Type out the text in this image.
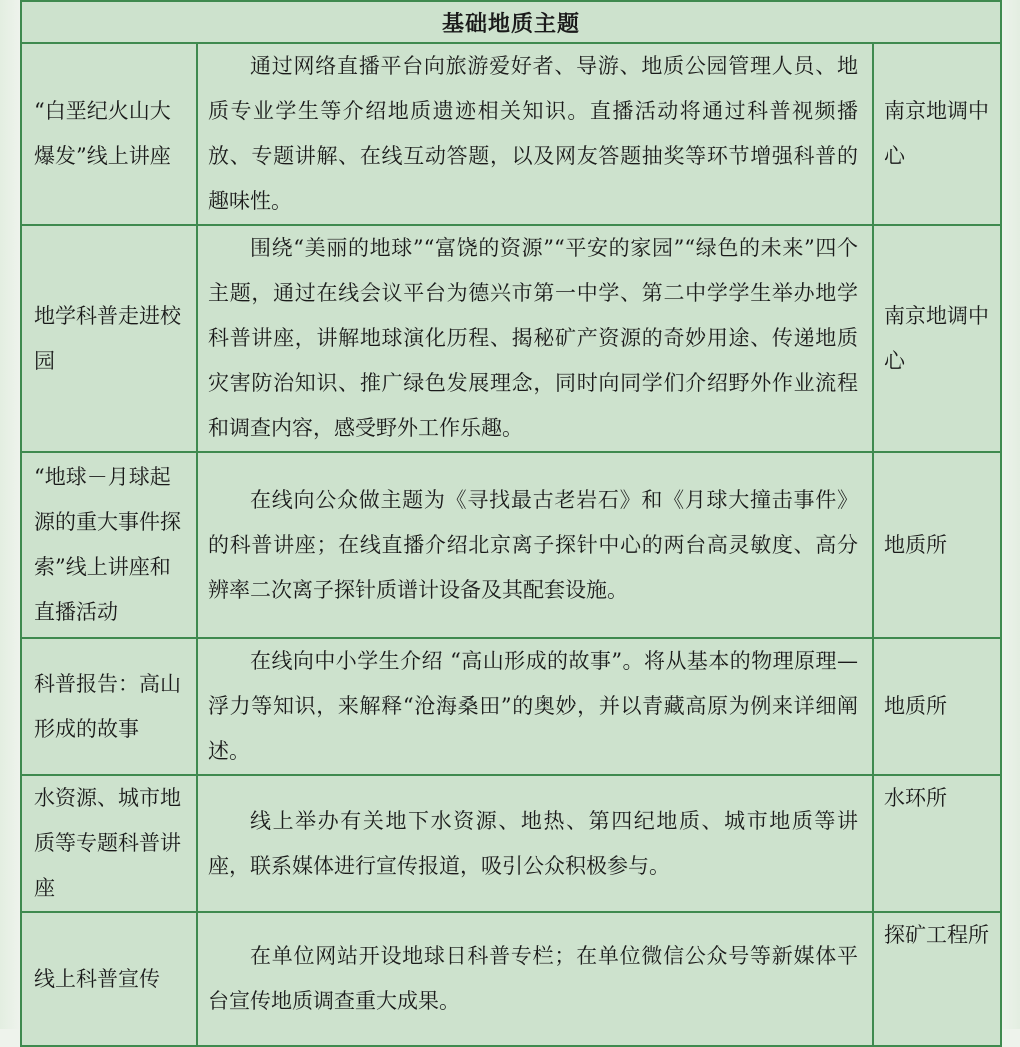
基础地质主题		
“白垩纪火山大爆发”线上讲座	通过网络直播平台向旅游爱好者、导游、地质公园管理人员、地质专业学生等介绍地质遗迹相关知识。直播活动将通过科普视频播放、专题讲解、在线互动答题，以及网友答题抽奖等环节增强科普的趣味性。	南京地调中心
地学科普走进校园	围绕“美丽的地球”“富饶的资源”“平安的家园”“绿色的未来”四个主题，通过在线会议平台为德兴市第一中学、第二中学学生举办地学科普讲座，讲解地球演化历程、揭秘矿产资源的奇妙用途、传递地质灾害防治知识、推广绿色发展理念，同时向同学们介绍野外作业流程和调查内容，感受野外工作乐趣。	南京地调中心
“地球－月球起源的重大事件探索”线上讲座和直播活动	在线向公众做主题为《寻找最古老岩石》和《月球大撞击事件》的科普讲座；在线直播介绍北京离子探针中心的两台高灵敏度、高分辨率二次离子探针质谱计设备及其配套设施。	地质所
科普报告：高山形成的故事	在线向中小学生介绍 “高山形成的故事”。将从基本的物理原理—浮力等知识，来解释“沧海桑田”的奥妙，并以青藏高原为例来详细阐述。	地质所
水资源、城市地质等专题科普讲座	线上举办有关地下水资源、地热、第四纪地质、城市地质等讲座，联系媒体进行宣传报道，吸引公众积极参与。	水环所
线上科普宣传	在单位网站开设地球日科普专栏；在单位微信公众号等新媒体平台宣传地质调查重大成果。	探矿工程所
